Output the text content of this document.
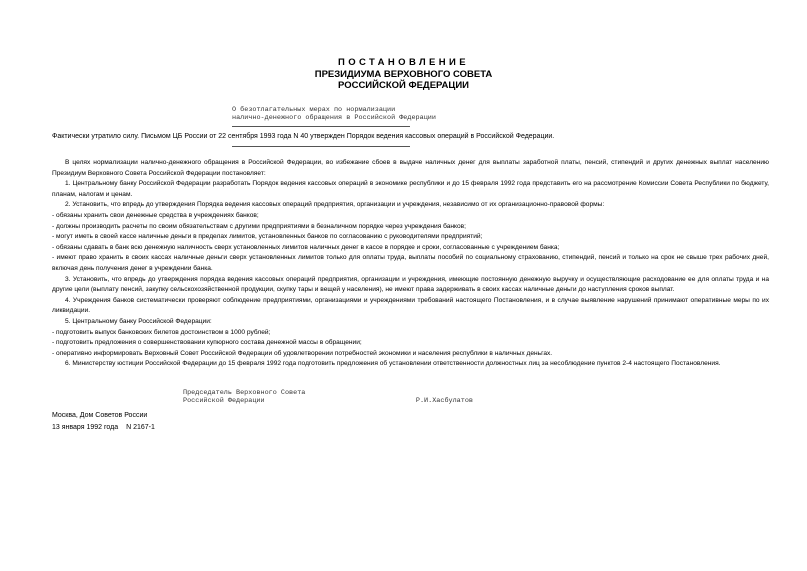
ПОСТАНОВЛЕНИЕ
ПРЕЗИДИУМА ВЕРХОВНОГО СОВЕТА
РОССИЙСКОЙ ФЕДЕРАЦИИ
О безотлагательных мерах по нормализации
налично-денежного обращения в Российской Федерации
Фактически утратило силу. Письмом ЦБ России от 22 сентября 1993 года N 40 утвержден Порядок ведения кассовых операций в Российской Федерации.

В целях нормализации налично-денежного обращения в Российской Федерации, во избежание сбоев в выдаче наличных денег для выплаты заработной платы, пенсий, стипендий и других денежных выплат населению Президиум Верховного Совета Российской Федерации постановляет:

1. Центральному банку Российской Федерации разработать Порядок ведения кассовых операций в экономике республики и до 15 февраля 1992 года представить его на рассмотрение Комиссии Совета Республики по бюджету, планам, налогам и ценам.

2. Установить, что впредь до утверждения Порядка ведения кассовых операций предприятия, организации и учреждения, независимо от их организационно-правовой формы:

- обязаны хранить свои денежные средства в учреждениях банков;

- должны производить расчеты по своим обязательствам с другими предприятиями в безналичном порядке через учреждения банков;

- могут иметь в своей кассе наличные деньги в пределах лимитов, установленных банков по согласованию с руководителями предприятий;

- обязаны сдавать в банк всю денежную наличность сверх установленных лимитов наличных денег в кассе в порядке и сроки, согласованные с учреждением банка;

- имеют право хранить в своих кассах наличные деньги сверх установленных лимитов только для оплаты труда, выплаты пособий по социальному страхованию, стипендий, пенсий и только на срок не свыше трех рабочих дней, включая день получения денег в учреждении банка.

3. Установить, что впредь до утверждения порядка ведения кассовых операций предприятия, организации и учреждения, имеющие постоянную денежную выручку и осуществляющие расходование ее для оплаты труда и на другие цели (выплату пенсий, закупку сельскохозяйственной продукции, скупку тары и вещей у населения), не имеют права задерживать в своих кассах наличные деньги до наступления сроков выплат.

4. Учреждения банков систематически проверяют соблюдение предприятиями, организациями и учреждениями требований настоящего Постановления, и в случае выявление нарушений принимают оперативные меры по их ликвидации.

5. Центральному банку Российской Федерации:

- подготовить выпуск банковских билетов достоинством в 1000 рублей;

- подготовить предложения о совершенствовании купюрного состава денежной массы в обращении;

- оперативно информировать Верховный Совет Российской Федерации об удовлетворении потребностей экономики и населения республики в наличных деньгах.

6. Министерству юстиции Российской Федерации до 15 февраля 1992 года подготовить предложения об установлении ответственности должностных лиц за несоблюдение пунктов 2-4 настоящего Постановления.

Председатель Верховного Совета
Российской Федерации	Р.И.Хасбулатов
Москва, Дом Советов России
13 января 1992 года N 2167-1
